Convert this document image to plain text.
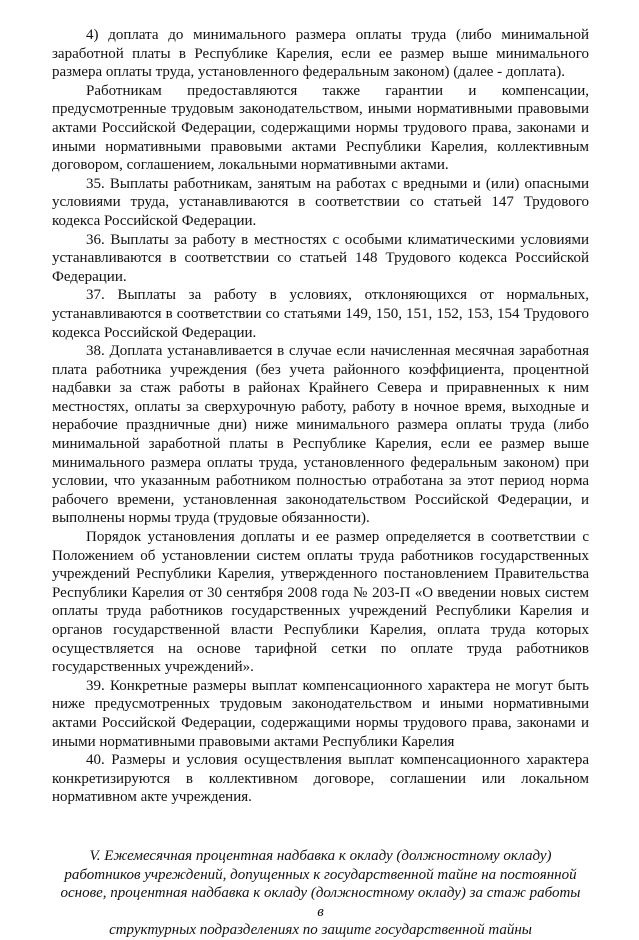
4) доплата до минимального размера оплаты труда (либо минимальной заработной платы в Республике Карелия, если ее размер выше минимального размера оплаты труда, установленного федеральным законом) (далее - доплата).

Работникам предоставляются также гарантии и компенсации, предусмотренные трудовым законодательством, иными нормативными правовыми актами Российской Федерации, содержащими нормы трудового права, законами и иными нормативными правовыми актами Республики Карелия, коллективным договором, соглашением, локальными нормативными актами.

35. Выплаты работникам, занятым на работах с вредными и (или) опасными условиями труда, устанавливаются в соответствии со статьей 147 Трудового кодекса Российской Федерации.

36. Выплаты за работу в местностях с особыми климатическими условиями устанавливаются в соответствии со статьей 148 Трудового кодекса Российской Федерации.

37. Выплаты за работу в условиях, отклоняющихся от нормальных, устанавливаются в соответствии со статьями 149, 150, 151, 152, 153, 154 Трудового кодекса Российской Федерации.

38. Доплата устанавливается в случае если начисленная месячная заработная плата работника учреждения (без учета районного коэффициента, процентной надбавки за стаж работы в районах Крайнего Севера и приравненных к ним местностях, оплаты за сверхурочную работу, работу в ночное время, выходные и нерабочие праздничные дни) ниже минимального размера оплаты труда (либо минимальной заработной платы в Республике Карелия, если ее размер выше минимального размера оплаты труда, установленного федеральным законом) при условии, что указанным работником полностью отработана за этот период норма рабочего времени, установленная законодательством Российской Федерации, и выполнены нормы труда (трудовые обязанности).

Порядок установления доплаты и ее размер определяется в соответствии с Положением об установлении систем оплаты труда работников государственных учреждений Республики Карелия, утвержденного постановлением Правительства Республики Карелия от 30 сентября 2008 года № 203-П «О введении новых систем оплаты труда работников государственных учреждений Республики Карелия и органов государственной власти Республики Карелия, оплата труда которых осуществляется на основе тарифной сетки по оплате труда работников государственных учреждений».

39. Конкретные размеры выплат компенсационного характера не могут быть ниже предусмотренных трудовым законодательством и иными нормативными актами Российской Федерации, содержащими нормы трудового права, законами и иными нормативными правовыми актами Республики Карелия

40. Размеры и условия осуществления выплат компенсационного характера конкретизируются в коллективном договоре, соглашении или локальном нормативном акте учреждения.

V. Ежемесячная процентная надбавка к окладу (должностному окладу)
работников учреждений, допущенных к государственной тайне на постоянной
основе, процентная надбавка к окладу (должностному окладу) за стаж работы в
структурных подразделениях по защите государственной тайны
